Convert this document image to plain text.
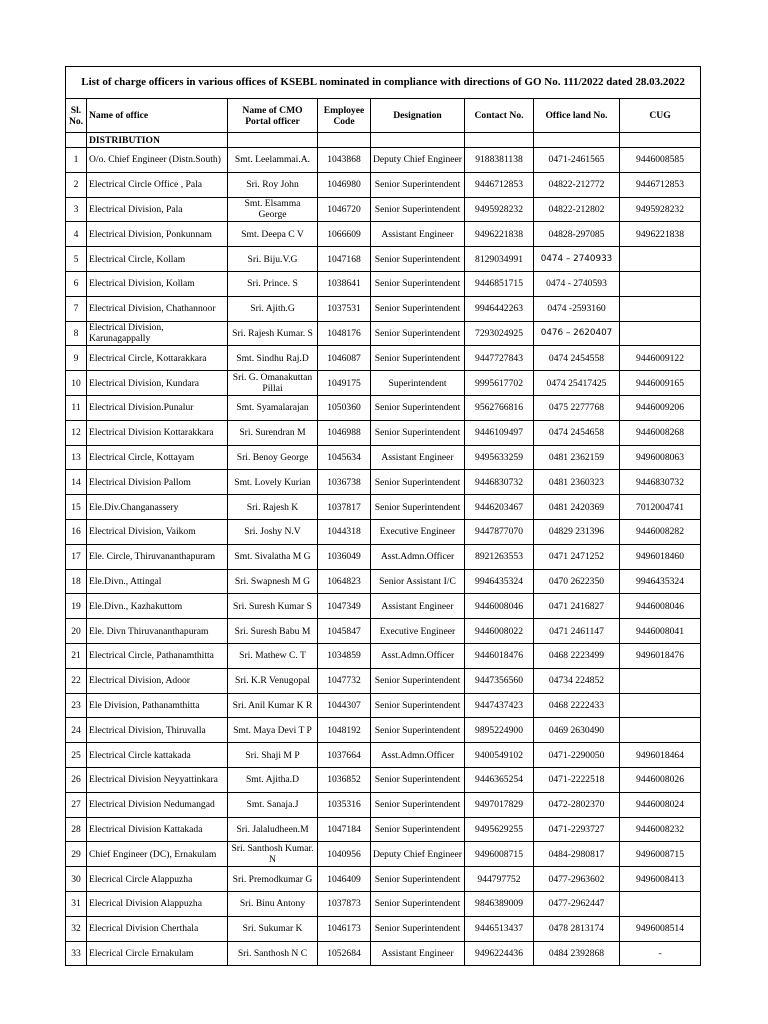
List of charge officers in various offices of KSEBL nominated in compliance with directions of GO No. 111/2022 dated 28.03.2022							
Sl. No.	Name of office	Name of CMO Portal officer	Employee Code	Designation	Contact No.	Office land No.	CUG
	DISTRIBUTION						
1	O/o. Chief Engineer (Distn.South)	Smt. Leelammai.A.	1043868	Deputy Chief Engineer	9188381138	0471-2461565	9446008585
2	Electrical Circle Office , Pala	Sri. Roy John	1046980	Senior Superintendent	9446712853	04822-212772	9446712853
3	Electrical Division, Pala	Smt. Elsamma George	1046720	Senior Superintendent	9495928232	04822-212802	9495928232
4	Electrical Division, Ponkunnam	Smt. Deepa C V	1066609	Assistant Engineer	9496221838	04828-297085	9496221838
5	Electrical Circle, Kollam	Sri. Biju.V.G	1047168	Senior Superintendent	8129034991	0474 – 2740933	
6	Electrical Division, Kollam	Sri. Prince. S	1038641	Senior Superintendent	9446851715	0474 - 2740593	
7	Electrical Division, Chathannoor	Sri. Ajith.G	1037531	Senior Superintendent	9946442263	0474 -2593160	
8	Electrical Division, Karunagappally	Sri. Rajesh Kumar. S	1048176	Senior Superintendent	7293024925	0476 – 2620407	
9	Electrical Circle, Kottarakkara	Smt. Sindhu Raj.D	1046087	Senior Superintendent	9447727843	0474 2454558	9446009122
10	Electrical Division, Kundara	Sri. G. Omanakuttan Pillai	1049175	Superintendent	9995617702	0474 25417425	9446009165
11	Electrical Division.Punalur	Smt. Syamalarajan	1050360	Senior Superintendent	9562766816	0475 2277768	9446009206
12	Electrical Division Kottarakkara	Sri. Surendran M	1046988	Senior Superintendent	9446109497	0474 2454658	9446008268
13	Electrical Circle, Kottayam	Sri. Benoy George	1045634	Assistant Engineer	9495633259	0481 2362159	9496008063
14	Electrical Division Pallom	Smt. Lovely Kurian	1036738	Senior Superintendent	9446830732	0481 2360323	9446830732
15	Ele.Div.Changanassery	Sri. Rajesh K	1037817	Senior Superintendent	9446203467	0481 2420369	7012004741
16	Electrical Division, Vaikom	Sri. Joshy N.V	1044318	Executive Engineer	9447877070	04829 231396	9446008282
17	Ele. Circle, Thiruvananthapuram	Smt. Sivalatha M G	1036049	Asst.Admn.Officer	8921263553	0471 2471252	9496018460
18	Ele.Divn., Attingal	Sri. Swapnesh M G	1064823	Senior Assistant I/C	9946435324	0470 2622350	9946435324
19	Ele.Divn., Kazhakuttom	Sri. Suresh Kumar S	1047349	Assistant Engineer	9446008046	0471 2416827	9446008046
20	Ele. Divn Thiruvananthapuram	Sri. Suresh Babu M	1045847	Executive Engineer	9446008022	0471 2461147	9446008041
21	Electrical Circle, Pathanamthitta	Sri. Mathew C. T	1034859	Asst.Admn.Officer	9446018476	0468 2223499	9496018476
22	Electrical Division, Adoor	Sri. K.R Venugopal	1047732	Senior Superintendent	9447356560	04734 224852	
23	Ele Division, Pathanamthitta	Sri. Anil Kumar K R	1044307	Senior Superintendent	9447437423	0468 2222433	
24	Electrical Division, Thiruvalla	Smt. Maya Devi T P	1048192	Senior Superintendent	9895224900	0469 2630490	
25	Electrical Circle kattakada	Sri. Shaji M P	1037664	Asst.Admn.Officer	9400549102	0471-2290050	9496018464
26	Electrical Division Neyyattinkara	Smt. Ajitha.D	1036852	Senior Superintendent	9446365254	0471-2222518	9446008026
27	Electrical Division Nedumangad	Smt. Sanaja.J	1035316	Senior Superintendent	9497017829	0472-2802370	9446008024
28	Electrical Division Kattakada	Sri. Jalaludheen.M	1047184	Senior Superintendent	9495629255	0471-2293727	9446008232
29	Chief Engineer (DC), Ernakulam	Sri. Santhosh Kumar. N	1040956	Deputy Chief Engineer	9496008715	0484-2980817	9496008715
30	Elecrical Circle Alappuzha	Sri. Premodkumar G	1046409	Senior Superintendent	944797752	0477-2963602	9496008413
31	Elecrical Division Alappuzha	Sri. Binu Antony	1037873	Senior Superintendent	9846389009	0477-2962447	
32	Elecrical Division Cherthala	Sri. Sukumar K	1046173	Senior Superintendent	9446513437	0478 2813174	9496008514
33	Elecrical Circle Ernakulam	Sri. Santhosh N C	1052684	Assistant Engineer	9496224436	0484 2392868	-
